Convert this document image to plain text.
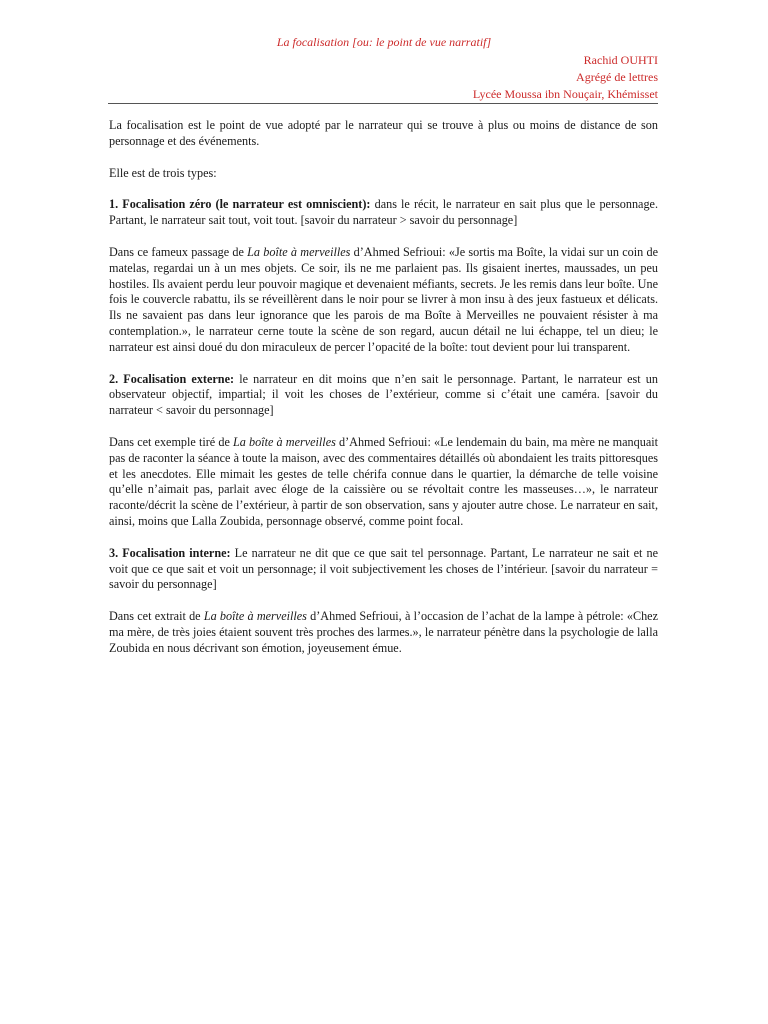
La focalisation [ou: le point de vue narratif]
Rachid OUHTI
Agrégé de lettres
Lycée Moussa ibn Nouçair, Khémisset

La focalisation est le point de vue adopté par le narrateur qui se trouve à plus ou moins de distance de son personnage et des événements.

Elle est de trois types:

1. Focalisation zéro (le narrateur est omniscient): dans le récit, le narrateur en sait plus que le personnage. Partant, le narrateur sait tout, voit tout. [savoir du narrateur > savoir du personnage]

Dans ce fameux passage de La boîte à merveilles d’Ahmed Sefrioui: «Je sortis ma Boîte, la vidai sur un coin de matelas, regardai un à un mes objets. Ce soir, ils ne me parlaient pas. Ils gisaient inertes, maussades, un peu hostiles. Ils avaient perdu leur pouvoir magique et devenaient méfiants, secrets. Je les remis dans leur boîte. Une fois le couvercle rabattu, ils se réveillèrent dans le noir pour se livrer à mon insu à des jeux fastueux et délicats. Ils ne savaient pas dans leur ignorance que les parois de ma Boîte à Merveilles ne pouvaient résister à ma contemplation.», le narrateur cerne toute la scène de son regard, aucun détail ne lui échappe, tel un dieu; le narrateur est ainsi doué du don miraculeux de percer l’opacité de la boîte: tout devient pour lui transparent.

2. Focalisation externe: le narrateur en dit moins que n’en sait le personnage. Partant, le narrateur est un observateur objectif, impartial; il voit les choses de l’extérieur, comme si c’était une caméra. [savoir du narrateur < savoir du personnage]

Dans cet exemple tiré de La boîte à merveilles d’Ahmed Sefrioui: «Le lendemain du bain, ma mère ne manquait pas de raconter la séance à toute la maison, avec des commentaires détaillés où abondaient les traits pittoresques et les anecdotes. Elle mimait les gestes de telle chérifa connue dans le quartier, la démarche de telle voisine qu’elle n’aimait pas, parlait avec éloge de la caissière ou se révoltait contre les masseuses…», le narrateur raconte/décrit la scène de l’extérieur, à partir de son observation, sans y ajouter autre chose. Le narrateur en sait, ainsi, moins que Lalla Zoubida, personnage observé, comme point focal.

3. Focalisation interne: Le narrateur ne dit que ce que sait tel personnage. Partant, Le narrateur ne sait et ne voit que ce que sait et voit un personnage; il voit subjectivement les choses de l’intérieur. [savoir du narrateur = savoir du personnage]

Dans cet extrait de La boîte à merveilles d’Ahmed Sefrioui, à l’occasion de l’achat de la lampe à pétrole: «Chez ma mère, de très joies étaient souvent très proches des larmes.», le narrateur pénètre dans la psychologie de lalla Zoubida en nous décrivant son émotion, joyeusement émue.
